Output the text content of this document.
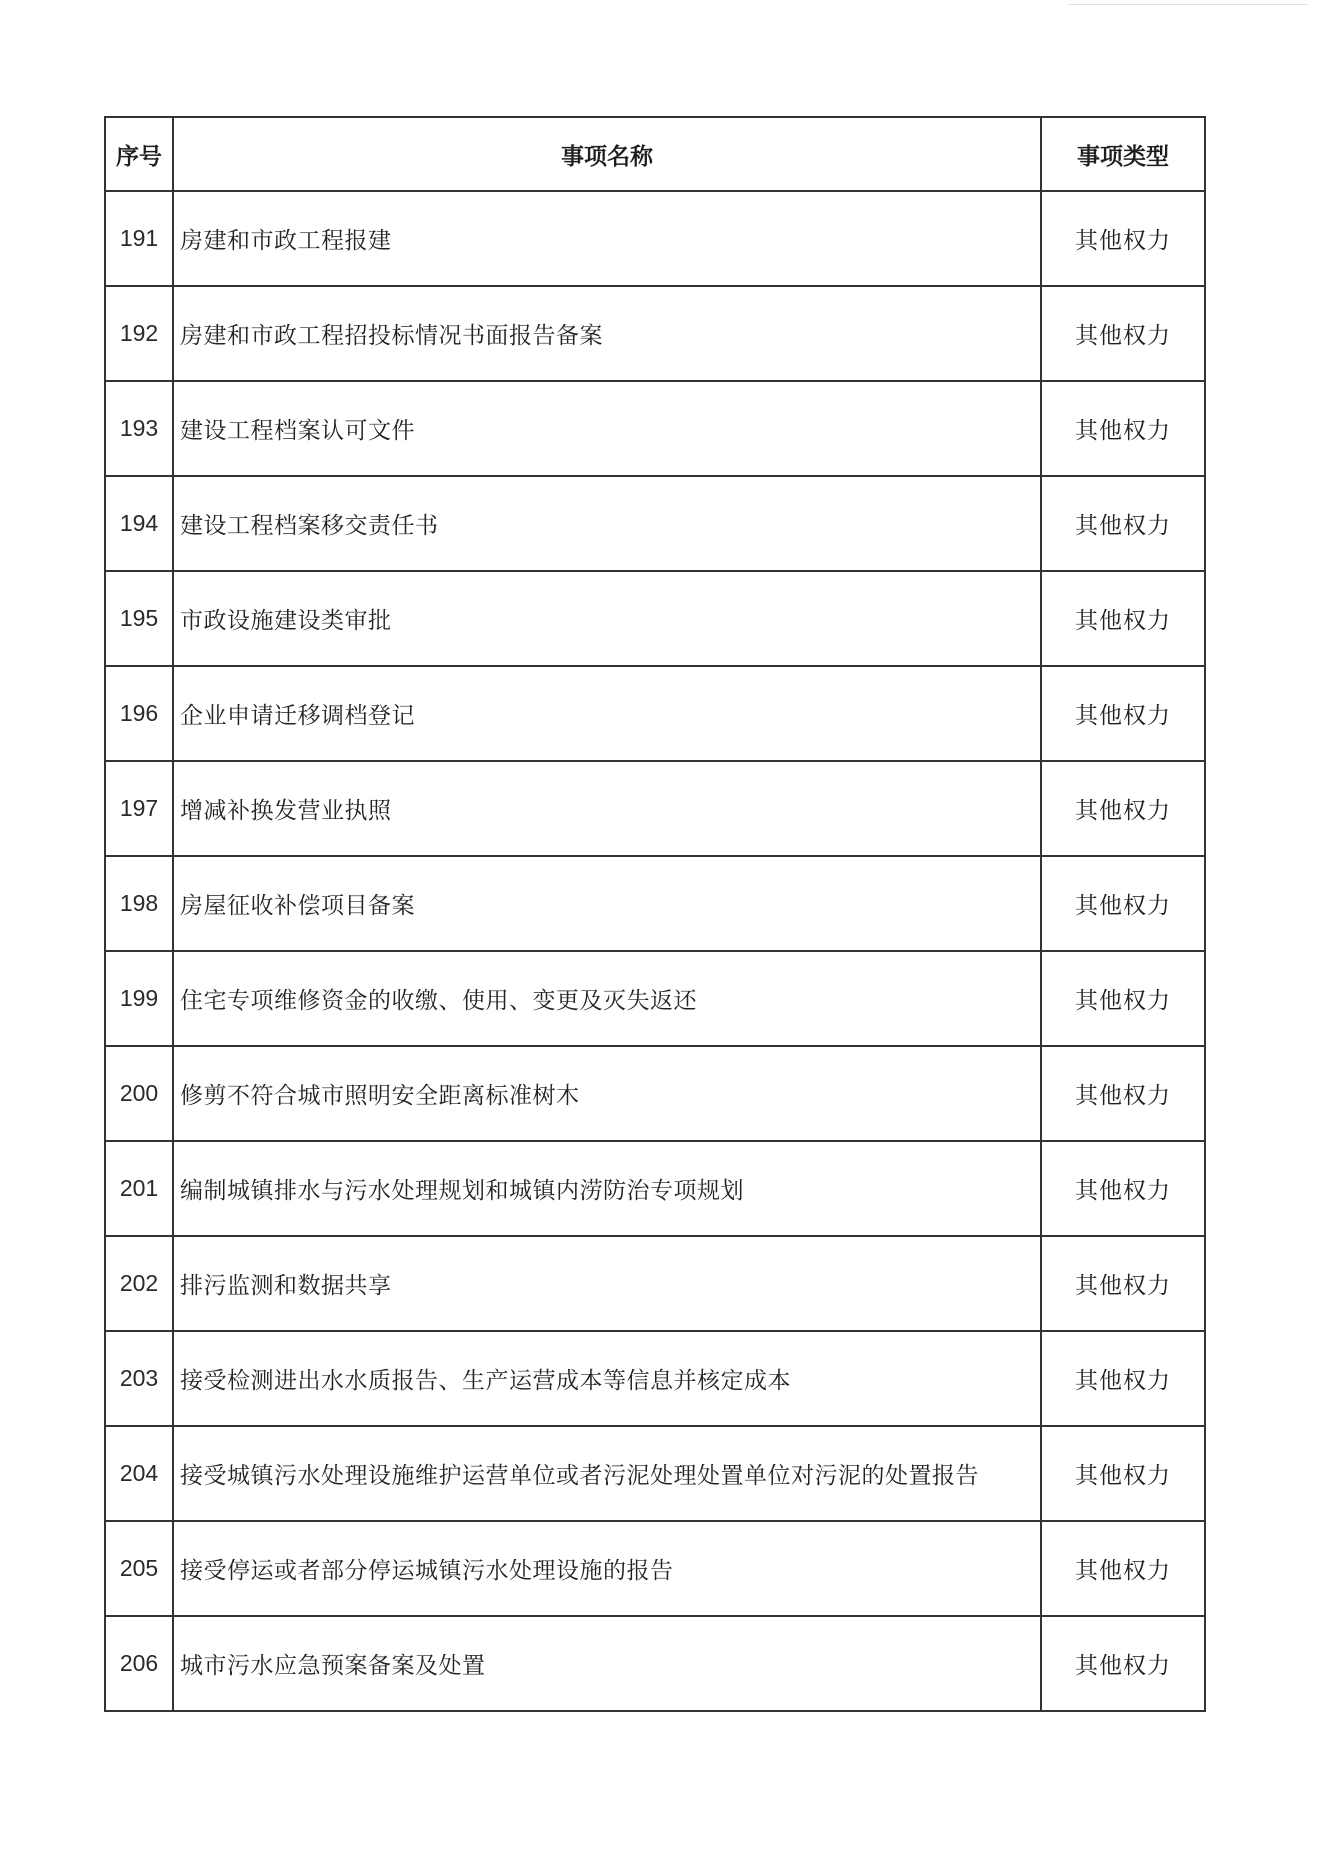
序号	事项名称	事项类型
191	房建和市政工程报建	其他权力
192	房建和市政工程招投标情况书面报告备案	其他权力
193	建设工程档案认可文件	其他权力
194	建设工程档案移交责任书	其他权力
195	市政设施建设类审批	其他权力
196	企业申请迁移调档登记	其他权力
197	增减补换发营业执照	其他权力
198	房屋征收补偿项目备案	其他权力
199	住宅专项维修资金的收缴、使用、变更及灭失返还	其他权力
200	修剪不符合城市照明安全距离标准树木	其他权力
201	编制城镇排水与污水处理规划和城镇内涝防治专项规划	其他权力
202	排污监测和数据共享	其他权力
203	接受检测进出水水质报告、生产运营成本等信息并核定成本	其他权力
204	接受城镇污水处理设施维护运营单位或者污泥处理处置单位对污泥的处置报告	其他权力
205	接受停运或者部分停运城镇污水处理设施的报告	其他权力
206	城市污水应急预案备案及处置	其他权力
